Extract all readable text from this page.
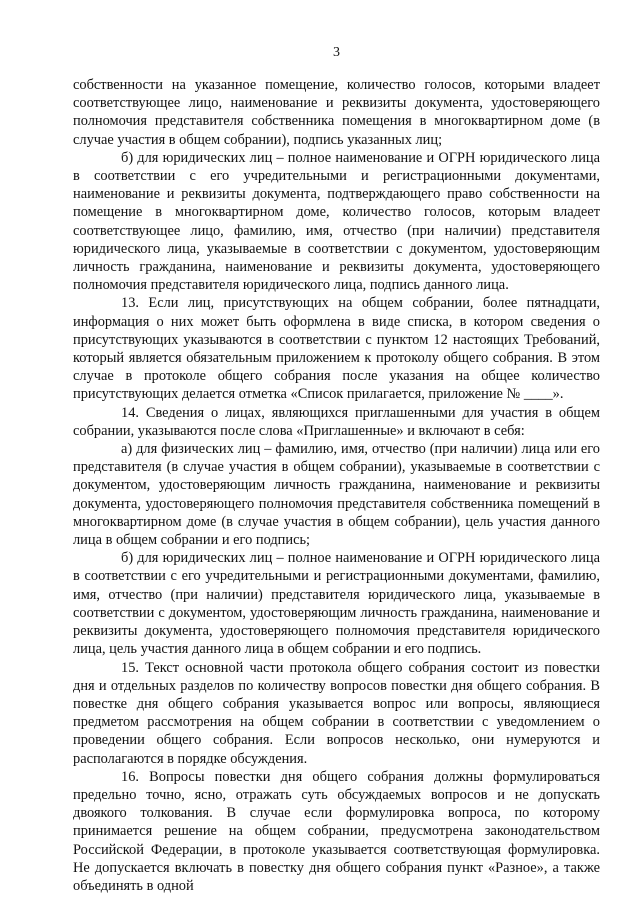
3

собственности на указанное помещение, количество голосов, которыми владеет соответствующее лицо, наименование и реквизиты документа, удостоверяющего полномочия представителя собственника помещения в многоквартирном доме (в случае участия в общем собрании), подпись указанных лиц;

б) для юридических лиц – полное наименование и ОГРН юридического лица в соответствии с его учредительными и регистрационными документами, наименование и реквизиты документа, подтверждающего право собственности на помещение в многоквартирном доме, количество голосов, которым владеет соответствующее лицо, фамилию, имя, отчество (при наличии) представителя юридического лица, указываемые в соответствии с документом, удостоверяющим личность гражданина, наименование и реквизиты документа, удостоверяющего полномочия представителя юридического лица, подпись данного лица.

13. Если лиц, присутствующих на общем собрании, более пятнадцати, информация о них может быть оформлена в виде списка, в котором сведения о присутствующих указываются в соответствии с пунктом 12 настоящих Требований, который является обязательным приложением к протоколу общего собрания. В этом случае в протоколе общего собрания после указания на общее количество присутствующих делается отметка «Список прилагается, приложение № ____».

14. Сведения о лицах, являющихся приглашенными для участия в общем собрании, указываются после слова «Приглашенные» и включают в себя:

а) для физических лиц – фамилию, имя, отчество (при наличии) лица или его представителя (в случае участия в общем собрании), указываемые в соответствии с документом, удостоверяющим личность гражданина, наименование и реквизиты документа, удостоверяющего полномочия представителя собственника помещений в многоквартирном доме (в случае участия в общем собрании), цель участия данного лица в общем собрании и его подпись;

б) для юридических лиц – полное наименование и ОГРН юридического лица в соответствии с его учредительными и регистрационными документами, фамилию, имя, отчество (при наличии) представителя юридического лица, указываемые в соответствии с документом, удостоверяющим личность гражданина, наименование и реквизиты документа, удостоверяющего полномочия представителя юридического лица, цель участия данного лица в общем собрании и его подпись.

15. Текст основной части протокола общего собрания состоит из повестки дня и отдельных разделов по количеству вопросов повестки дня общего собрания. В повестке дня общего собрания указывается вопрос или вопросы, являющиеся предметом рассмотрения на общем собрании в соответствии с уведомлением о проведении общего собрания. Если вопросов несколько, они нумеруются и располагаются в порядке обсуждения.

16. Вопросы повестки дня общего собрания должны формулироваться предельно точно, ясно, отражать суть обсуждаемых вопросов и не допускать двоякого толкования. В случае если формулировка вопроса, по которому принимается решение на общем собрании, предусмотрена законодательством Российской Федерации, в протоколе указывается соответствующая формулировка. Не допускается включать в повестку дня общего собрания пункт «Разное», а также объединять в одной
